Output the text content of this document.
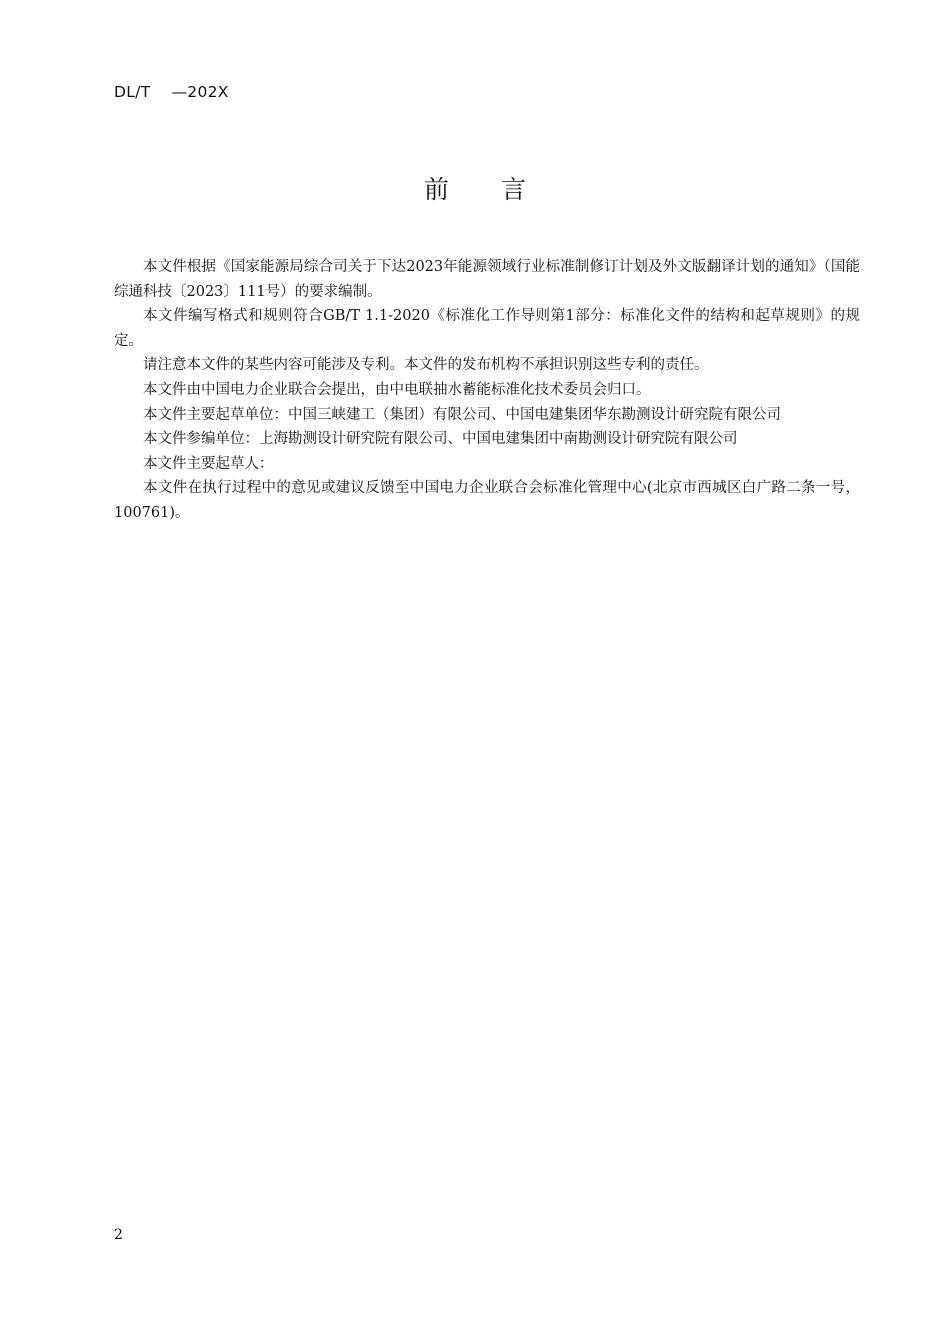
DL/T　 —202X
前 言

本文件根据《国家能源局综合司关于下达2023年能源领域行业标准制修订计划及外文版翻译计划的通知》（国能综通科技〔2023〕111号）的要求编制。

本文件编写格式和规则符合GB/T 1.1-2020《标准化工作导则第1部分：标准化文件的结构和起草规则》的规定。

请注意本文件的某些内容可能涉及专利。本文件的发布机构不承担识别这些专利的责任。

本文件由中国电力企业联合会提出，由中电联抽水蓄能标准化技术委员会归口。

本文件主要起草单位：中国三峡建工（集团）有限公司、中国电建集团华东勘测设计研究院有限公司

本文件参编单位：上海勘测设计研究院有限公司、中国电建集团中南勘测设计研究院有限公司

本文件主要起草人：

本文件在执行过程中的意见或建议反馈至中国电力企业联合会标准化管理中心(北京市西城区白广路二条一号，100761)。

2
